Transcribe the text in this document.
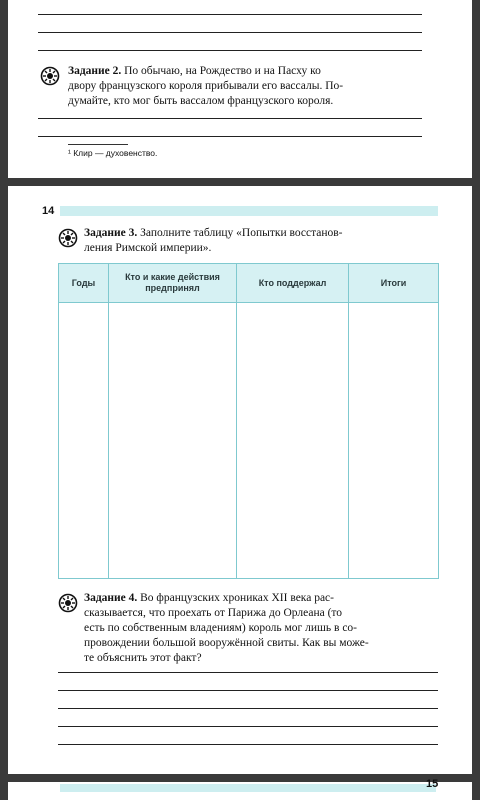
Задание 2. По обычаю, на Рождество и на Пасху ко
двору французского короля прибывали его вассалы. По-
думайте, кто мог быть вассалом французского короля.
¹ Клир — духовенство.
14
Задание 3. Заполните таблицу «Попытки восстанов-
ления Римской империи».
Годы	Кто и какие действия предпринял	Кто поддержал	Итоги

Задание 4. Во французских хрониках XII века рас-
сказывается, что проехать от Парижа до Орлеана (то
есть по собственным владениям) король мог лишь в со-
провождении большой вооружённой свиты. Как вы може-
те объяснить этот факт?
15
